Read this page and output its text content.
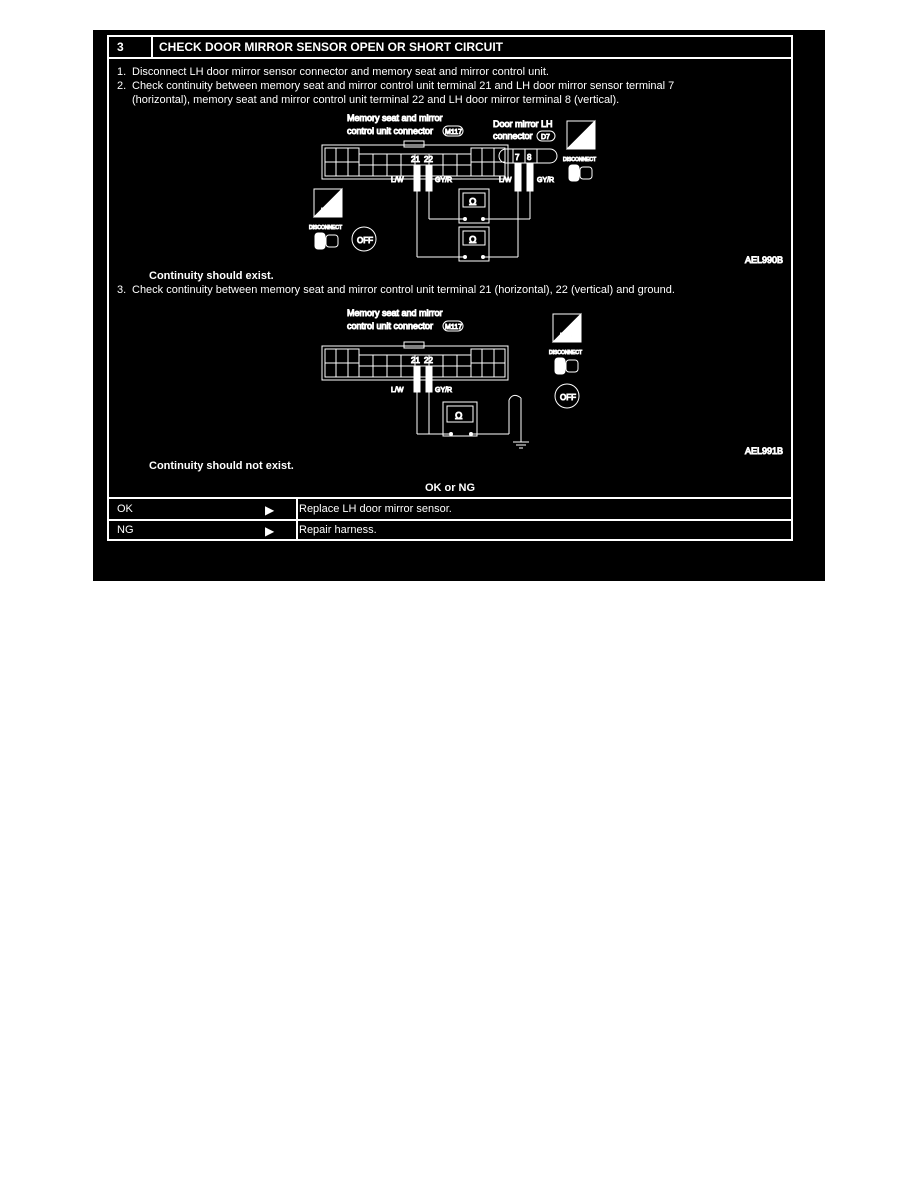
3	CHECK DOOR MIRROR SENSOR OPEN OR SHORT CIRCUIT
1. Disconnect LH door mirror sensor connector and memory seat and mirror control unit.
2. Check continuity between memory seat and mirror control unit terminal 21 and LH door mirror sensor terminal 7
(horizontal), memory seat and mirror control unit terminal 22 and LH door mirror terminal 8 (vertical).
Memory seat and mirror
control unit connector M117
21 22
L/W	GY/R
Door mirror LH
connector D7
7 8
L/W	GY/R
Ω
Ω
T.S.
DISCONNECT
H.S.
DISCONNECT
OFF
AEL990B
Continuity should exist.
3. Check continuity between memory seat and mirror control unit terminal 21 (horizontal), 22 (vertical) and ground.
Memory seat and mirror
control unit connector M117
21 22
L/W	GY/R
Ω
H.S.
DISCONNECT
OFF
AEL991B
Continuity should not exist.
OK or NG
OK	▶ Replace LH door mirror sensor.
NG	▶ Repair harness.
